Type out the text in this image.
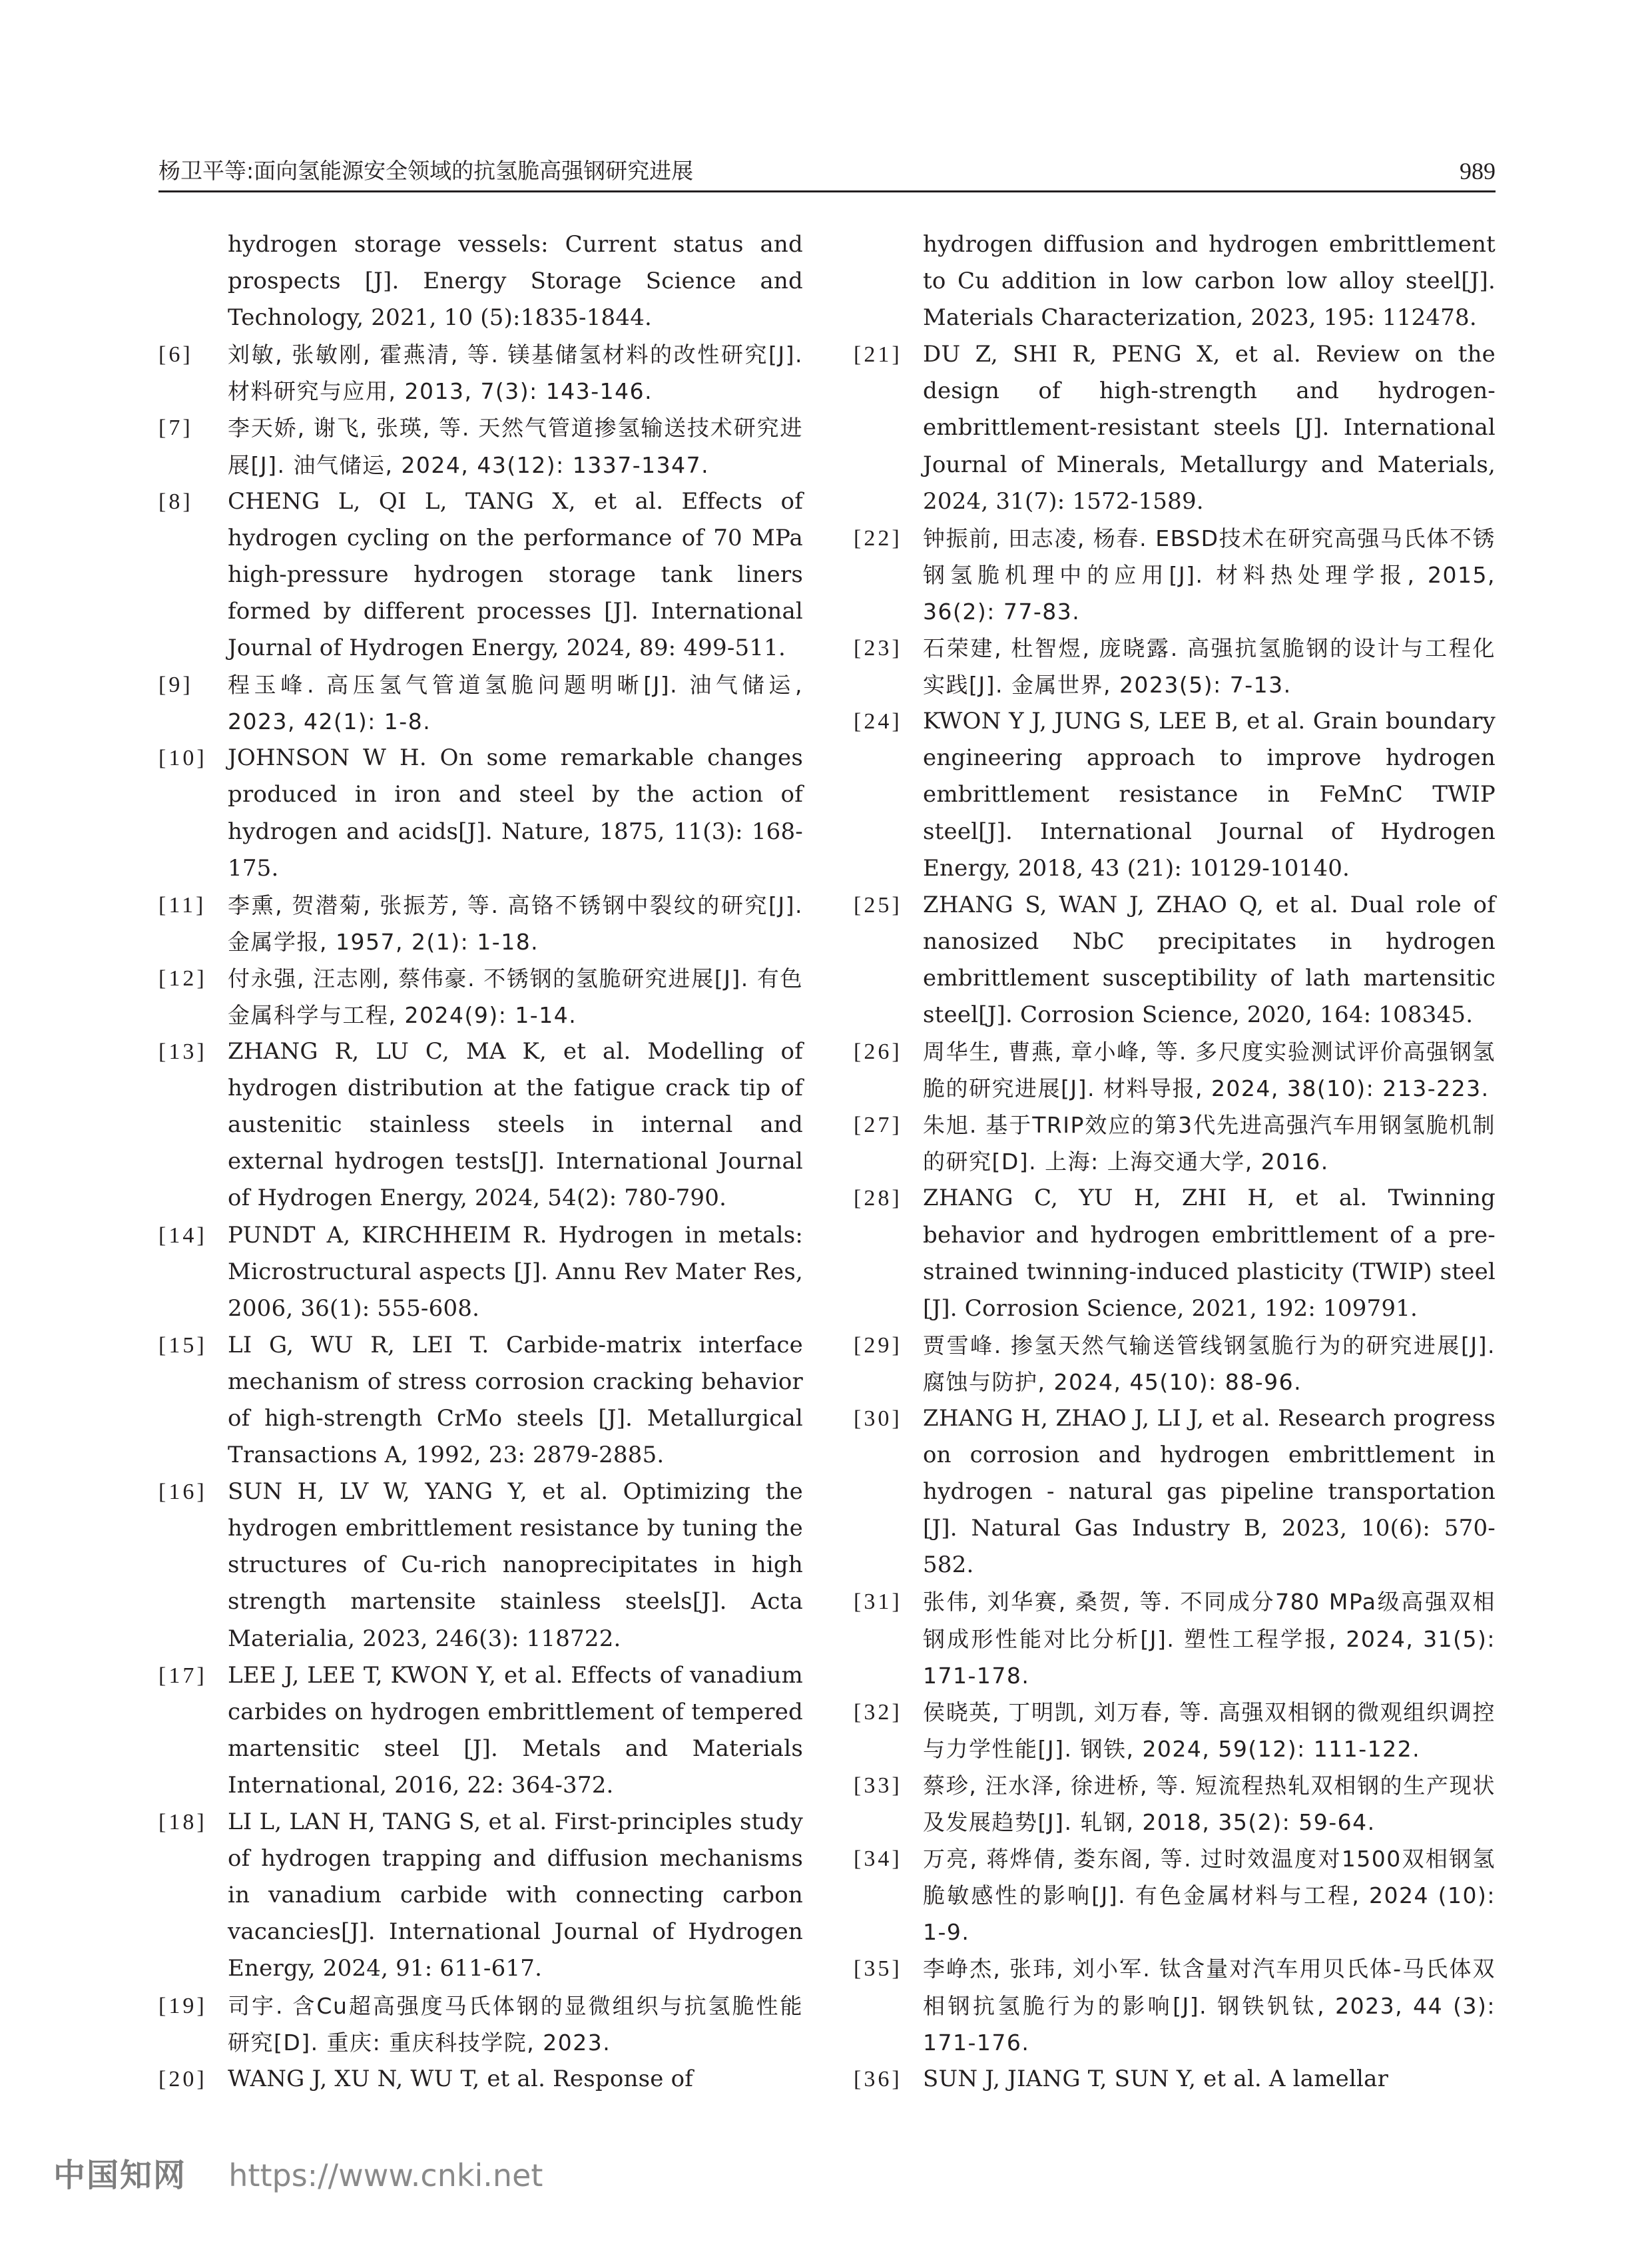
杨卫平等:面向氢能源安全领域的抗氢脆高强钢研究进展	989
hydrogen storage vessels: Current status and prospects [J]. Energy Storage Science and Technology, 2021, 10 (5):1835-1844.
[6]	刘敏, 张敏刚, 霍燕清, 等. 镁基储氢材料的改性研究[J]. 材料研究与应用, 2013, 7(3): 143-146.
[7]	李天娇, 谢飞, 张瑛, 等. 天然气管道掺氢输送技术研究进展[J]. 油气储运, 2024, 43(12): 1337-1347.
[8]	CHENG L, QI L, TANG X, et al. Effects of hydrogen cycling on the performance of 70 MPa high-pressure hydrogen storage tank liners formed by different processes [J]. International Journal of Hydrogen Energy, 2024, 89: 499-511.
[9]	程玉峰. 高压氢气管道氢脆问题明晰[J]. 油气储运, 2023, 42(1): 1-8.
[10] JOHNSON W H. On some remarkable changes produced in iron and steel by the action of hydrogen and acids[J]. Nature, 1875, 11(3): 168-175.
[11] 李熏, 贺潜菊, 张振芳, 等. 高铬不锈钢中裂纹的研究[J]. 金属学报, 1957, 2(1): 1-18.
[12] 付永强, 汪志刚, 蔡伟豪. 不锈钢的氢脆研究进展[J]. 有色金属科学与工程, 2024(9): 1-14.
[13] ZHANG R, LU C, MA K, et al. Modelling of hydrogen distribution at the fatigue crack tip of austenitic stainless steels in internal and external hydrogen tests[J]. International Journal of Hydrogen Energy, 2024, 54(2): 780-790.
[14] PUNDT A, KIRCHHEIM R. Hydrogen in metals: Microstructural aspects [J]. Annu Rev Mater Res, 2006, 36(1): 555-608.
[15] LI G, WU R, LEI T. Carbide-matrix interface mechanism of stress corrosion cracking behavior of high-strength CrMo steels [J]. Metallurgical Transactions A, 1992, 23: 2879-2885.
[16] SUN H, LV W, YANG Y, et al. Optimizing the hydrogen embrittlement resistance by tuning the structures of Cu-rich nanoprecipitates in high strength martensite stainless steels[J]. Acta Materialia, 2023, 246(3): 118722.
[17] LEE J, LEE T, KWON Y, et al. Effects of vanadium carbides on hydrogen embrittlement of tempered martensitic steel [J]. Metals and Materials International, 2016, 22: 364-372.
[18] LI L, LAN H, TANG S, et al. First-principles study of hydrogen trapping and diffusion mechanisms in vanadium carbide with connecting carbon vacancies[J]. International Journal of Hydrogen Energy, 2024, 91: 611-617.
[19] 司宇. 含Cu超高强度马氏体钢的显微组织与抗氢脆性能研究[D]. 重庆: 重庆科技学院, 2023.
[20] WANG J, XU N, WU T, et al. Response of
hydrogen diffusion and hydrogen embrittlement to Cu addition in low carbon low alloy steel[J]. Materials Characterization, 2023, 195: 112478.
[21] DU Z, SHI R, PENG X, et al. Review on the design of high-strength and hydrogen-embrittlement-resistant steels [J]. International Journal of Minerals, Metallurgy and Materials, 2024, 31(7): 1572-1589.
[22] 钟振前, 田志凌, 杨春. EBSD技术在研究高强马氏体不锈钢氢脆机理中的应用[J]. 材料热处理学报, 2015, 36(2): 77-83.
[23] 石荣建, 杜智煜, 庞晓露. 高强抗氢脆钢的设计与工程化实践[J]. 金属世界, 2023(5): 7-13.
[24] KWON Y J, JUNG S, LEE B, et al. Grain boundary engineering approach to improve hydrogen embrittlement resistance in FeMnC TWIP steel[J]. International Journal of Hydrogen Energy, 2018, 43 (21): 10129-10140.
[25] ZHANG S, WAN J, ZHAO Q, et al. Dual role of nanosized NbC precipitates in hydrogen embrittlement susceptibility of lath martensitic steel[J]. Corrosion Science, 2020, 164: 108345.
[26] 周华生, 曹燕, 章小峰, 等. 多尺度实验测试评价高强钢氢脆的研究进展[J]. 材料导报, 2024, 38(10): 213-223.
[27] 朱旭. 基于TRIP效应的第3代先进高强汽车用钢氢脆机制的研究[D]. 上海: 上海交通大学, 2016.
[28] ZHANG C, YU H, ZHI H, et al. Twinning behavior and hydrogen embrittlement of a pre-strained twinning-induced plasticity (TWIP) steel [J]. Corrosion Science, 2021, 192: 109791.
[29] 贾雪峰. 掺氢天然气输送管线钢氢脆行为的研究进展[J]. 腐蚀与防护, 2024, 45(10): 88-96.
[30] ZHANG H, ZHAO J, LI J, et al. Research progress on corrosion and hydrogen embrittlement in hydrogen - natural gas pipeline transportation [J]. Natural Gas Industry B, 2023, 10(6): 570-582.
[31] 张伟, 刘华赛, 桑贺, 等. 不同成分780 MPa级高强双相钢成形性能对比分析[J]. 塑性工程学报, 2024, 31(5): 171-178.
[32] 侯晓英, 丁明凯, 刘万春, 等. 高强双相钢的微观组织调控与力学性能[J]. 钢铁, 2024, 59(12): 111-122.
[33] 蔡珍, 汪水泽, 徐进桥, 等. 短流程热轧双相钢的生产现状及发展趋势[J]. 轧钢, 2018, 35(2): 59-64.
[34] 万亮, 蒋烨倩, 娄东阁, 等. 过时效温度对1500双相钢氢脆敏感性的影响[J]. 有色金属材料与工程, 2024 (10): 1-9.
[35] 李峥杰, 张玮, 刘小军. 钛含量对汽车用贝氏体-马氏体双相钢抗氢脆行为的影响[J]. 钢铁钒钛, 2023, 44 (3): 171-176.
[36] SUN J, JIANG T, SUN Y, et al. A lamellar
中国知网 https://www.cnki.net
